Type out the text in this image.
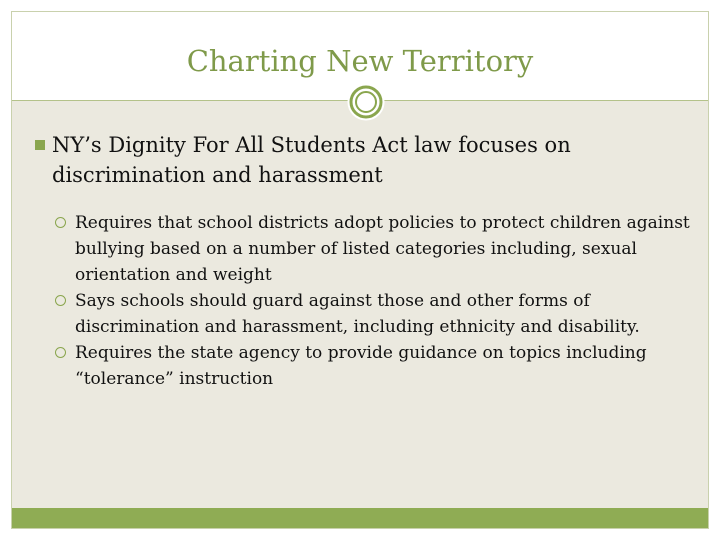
Charting New Territory
NY’s Dignity For All Students Act law focuses on discrimination and harassment

Requires that school districts adopt policies to protect children against bullying based on a number of listed categories including, sexual orientation and weight

Says schools should guard against those and other forms of discrimination and harassment, including ethnicity and disability.

Requires the state agency to provide guidance on topics including “tolerance” instruction
